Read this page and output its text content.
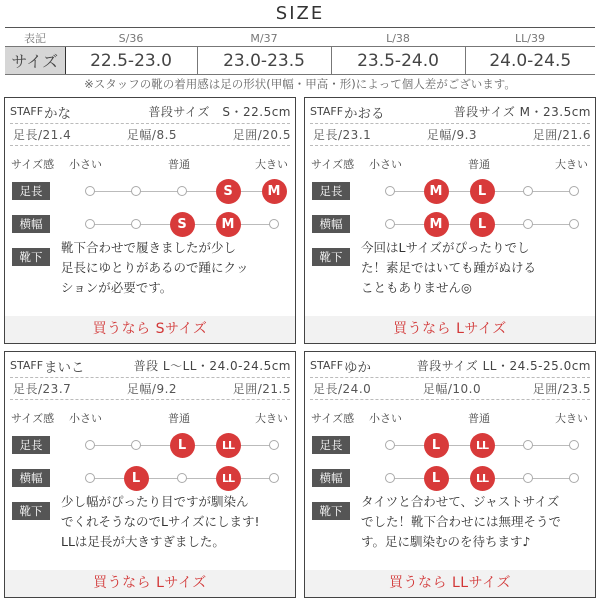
SIZE
表記	S/36	M/37	L/38	LL/39
サイズ	22.5-23.0	23.0-23.5	23.5-24.0	24.0-24.5
※スタッフの靴の着用感は足の形状(甲幅・甲高・形)によって個人差がございます。
STAFF かな	普段サイズ　S・22.5cm
足長/21.4	足幅/8.5	足囲/20.5
サイズ感 小さい	普通	大きい
足長
横幅
靴下
靴下合わせで履きましたが少し
足長にゆとりがあるので踵にクッ
ションが必要です。
買うなら Sサイズ
S	M
S	M
STAFF かおる	普段サイズ M・23.5cm
足長/23.1	足幅/9.3	足囲/21.6
サイズ感 小さい	普通	大きい
足長
横幅
靴下
今回はLサイズがぴったりでし
た！素足ではいても踵がぬける
こともありません◎
買うなら Lサイズ
M	L
M	L
STAFF まいこ	普段 L～LL・24.0-24.5cm
足長/23.7	足幅/9.2	足囲/21.5
サイズ感 小さい	普通	大きい
足長
横幅
靴下
少し幅がぴったり目ですが馴染ん
でくれそうなのでLサイズにします!
LLは足長が大きすぎました。
買うなら Lサイズ
L	LL
L	LL
STAFF ゆか	普段サイズ LL・24.5-25.0cm
足長/24.0	足幅/10.0	足囲/23.5
サイズ感 小さい	普通	大きい
足長
横幅
靴下
タイツと合わせて、ジャストサイズ
でした！靴下合わせには無理そうで
す。足に馴染むのを待ちます♪
買うなら LLサイズ
L	LL
L	LL
